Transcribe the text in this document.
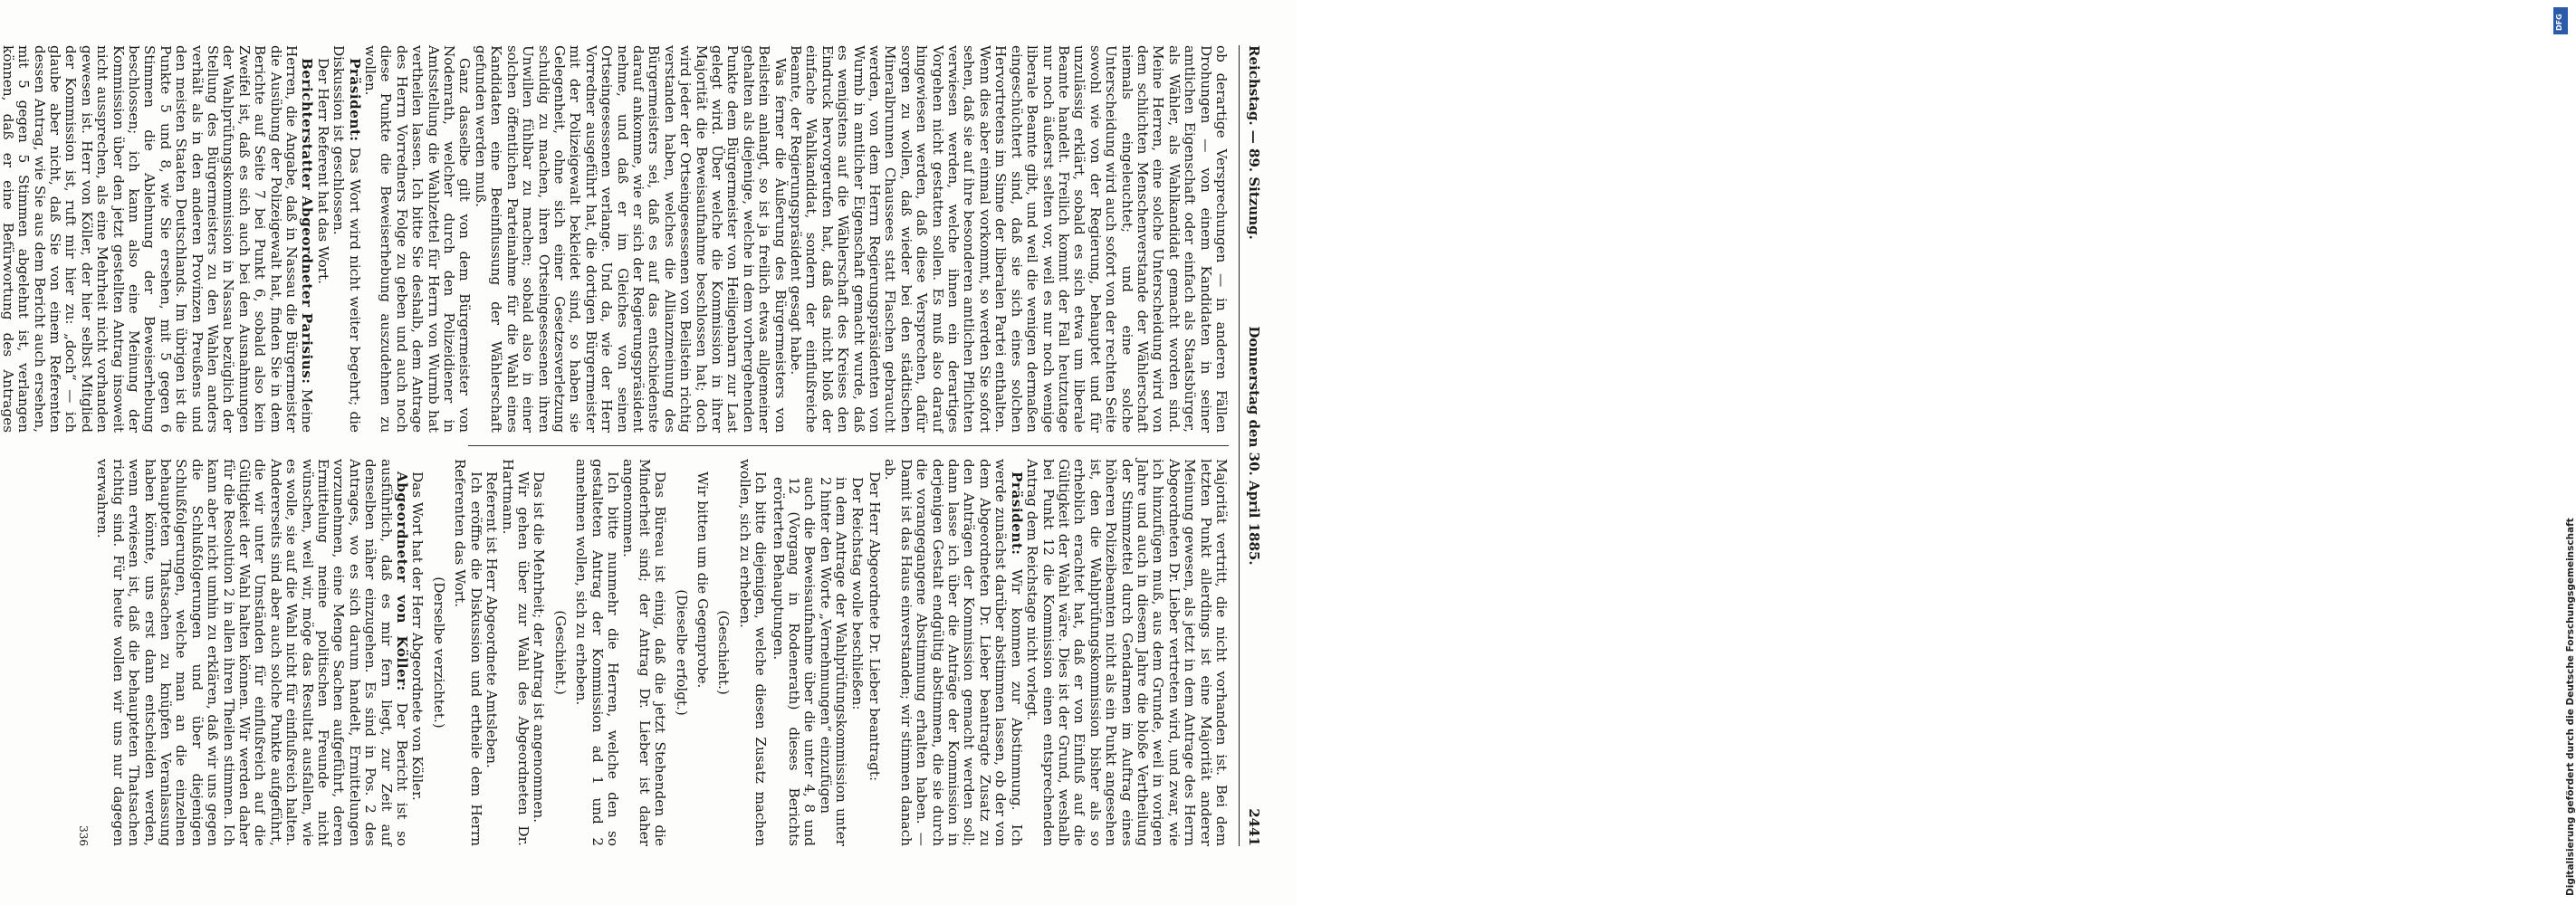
Reichstag. — 89. Sitzung.
Donnerstag den 30. April 1885.
2441

ob derartige Versprechungen — in anderen Fällen Drohungen — von einem Kandidaten in seiner amtlichen Eigenschaft oder einfach als Staatsbürger, als Wähler, als Wahlkandidat gemacht worden sind. Meine Herren, eine solche Unterscheidung wird von dem schlichten Menschenverstande der Wählerschaft niemals eingeleuchtet; und eine solche Unterscheidung wird auch sofort von der rechten Seite sowohl wie von der Regierung, behauptet und für unzulässig erklärt, sobald es sich etwa um liberale Beamte handelt. Freilich kommt der Fall heutzutage nur noch äußerst selten vor, weil es nur noch wenige liberale Beamte gibt, und weil die wenigen dermaßen eingeschüchtert sind, daß sie sich eines solchen Hervortretens im Sinne der liberalen Partei enthalten. Wenn dies aber einmal vorkommt, so werden Sie sofort sehen, daß sie auf ihre besonderen amtlichen Pflichten verwiesen werden, welche ihnen ein derartiges Vorgehen nicht gestatten sollen. Es muß also darauf hingewiesen werden, daß diese Versprechen, dafür sorgen zu wollen, daß wieder bei den städtischen Mineralbrunnen Chaussees statt Flaschen gebraucht werden, von dem Herrn Regierungspräsidenten von Wurmb in amtlicher Eigenschaft gemacht wurde, daß es wenigstens auf die Wählerschaft des Kreises den Eindruck hervorgerufen hat, daß das nicht bloß der einfache Wahlkandidat, sondern der einflußreiche Beamte, der Regierungspräsident gesagt habe.

Was ferner die Äußerung des Bürgermeisters von Beilstein anlangt, so ist ja freilich etwas allgemeiner gehalten als diejenige, welche in dem vorhergehenden Punkte dem Bürgermeister von Heiligenbarn zur Last gelegt wird. Über welche die Kommission in ihrer Majorität die Beweisaufnahme beschlossen hat; doch wird jeder der Ortseingesessenen von Beilstein richtig verstanden haben, welches die Allianzmeinung des Bürgermeisters sei, daß es auf das entschiedenste darauf ankomme, wie er sich der Regierungspräsident nehme, und daß er im Gleiches von seinen Ortseingesessenen verlange. Und da, wie der Herr Vorredner ausgeführt hat, die dortigen Bürgermeister mit der Polizeigewalt bekleidet sind, so haben sie Gelegenheit, ohne sich einer Gesetzesverletzung schuldig zu machen, ihren Ortseingesessenen ihren Unwillen fühlbar zu machen; sobald also in einer solchen öffentlichen Parteinahme für die Wahl eines Kandidaten eine Beeinflussung der Wählerschaft gefunden werden muß.

Ganz dasselbe gilt von dem Bürgermeister von Nodenrath, welcher durch den Polizeidiener in Amtsstellung die Wahlzettel für Herrn von Wurmb hat vertheilen lassen. Ich bitte Sie deshalb, dem Antrage des Herrn Vorredners Folge zu geben und auch noch diese Punkte die Beweiserhebung auszudehnen zu wollen.

Präsident: Das Wort wird nicht weiter begehrt; die Diskussion ist geschlossen.

Der Herr Referent hat das Wort.

Berichterstatter Abgeordneter Parisius: Meine Herren, die Angabe, daß in Nassau die Bürgermeister die Ausübung der Polizeigewalt hat, finden Sie in dem Berichte auf Seite 7 bei Punkt 6, sobald also kein Zweifel ist, daß es sich auch bei den Ausnahmungen der Wahlprüfungskommission in Nassau bezüglich der Stellung des Bürgermeisters zu den Wahlen anders verhält als in den anderen Provinzen Preußens und den meisten Staaten Deutschlands. Im übrigen ist die Punkte 5 und 8, wie Sie ersehen, mit 5 gegen 6 Stimmen die Ablehnung der Beweiserhebung beschlossen; ich kann also eine Meinung der Kommission über den jetzt gestellten Antrag insoweit nicht aussprechen, als eine Mehrheit nicht vorhanden gewesen ist. Herr von Köller, der hier selbst Mitglied der Kommission ist, ruft mir hier zu: „doch“ — ich glaube aber nicht, daß Sie von einem Referenten dessen Antrag, wie Sie aus dem Bericht auch ersehen, mit 5 gegen 5 Stimmen abgelehnt ist, verlangen können, daß er eine Befürwortung des Antrages

Majorität vertritt, die nicht vorhanden ist. Bei dem letzten Punkt allerdings ist eine Majorität anderer Meinung gewesen, als jetzt in dem Antrage des Herrn Abgeordneten Dr. Lieber vertreten wird, und zwar, wie ich hinzufügen muß, aus dem Grunde, weil in vorigen Jahre und auch in diesem Jahre die bloße Vertheilung der Stimmzettel durch Gendarmen im Auftrag eines höheren Polizeibeamten nicht als ein Punkt angesehen ist, den die Wahlprüfungskommission bisher als so erheblich erachtet hat, daß er von Einfluß auf die Gültigkeit der Wahl wäre. Dies ist der Grund, weshalb bei Punkt 12 die Kommission einen entsprechenden Antrag dem Reichstage nicht vorlegt.

Präsident: Wir kommen zur Abstimmung. Ich werde zunächst darüber abstimmen lassen, ob der von dem Abgeordneten Dr. Lieber beantragte Zusatz zu den Anträgen der Kommission gemacht werden soll; dann lasse ich über die Anträge der Kommission in derjenigen Gestalt endgültig abstimmen, die sie durch die vorangegangene Abstimmung erhalten haben. — Damit ist das Haus einverstanden; wir stimmen danach ab.

Der Herr Abgeordnete Dr. Lieber beantragt:

Der Reichstag wolle beschließen:

in dem Antrage der Wahlprüfungskommission unter 2 hinter den Worte „Vernehmungen“ einzufügen

auch die Beweisaufnahme über die unter 4, 8 und 12 (Vorgang in Rodenerath) dieses Berichts erörterten Behauptungen.

Ich bitte diejenigen, welche diesen Zusatz machen wollen, sich zu erheben.

(Geschieht.)

Wir bitten um die Gegenprobe.

(Dieselbe erfolgt.)

Das Büreau ist einig, daß die jetzt Stehenden die Minderheit sind; der Antrag Dr. Lieber ist daher angenommen.

Ich bitte nunmehr die Herren, welche den so gestalteten Antrag der Kommission ad 1 und 2 annehmen wollen, sich zu erheben.

(Geschieht.)

Das ist die Mehrheit; der Antrag ist angenommen.

Wir gehen über zur Wahl des Abgeordneten Dr. Hartmann.

Referent ist Herr Abgeordnete Amtsleben.

Ich eröffne die Diskussion und ertheile dem Herrn Referenten das Wort.

(Derselbe verzichtet.)

Das Wort hat der Herr Abgeordnete von Köller.

Abgeordneter von Köller: Der Bericht ist so ausführlich, daß es mir fern liegt, zur Zeit auf denselben näher einzugehen. Es sind in Pos. 2 des Antrages, wo es sich darum handelt, Ermittelungen vorzunehmen, eine Menge Sachen aufgeführt, deren Ermittelung meine politischen Freunde nicht wünschen, weil wir, möge das Resultat ausfallen, wie es wolle, sie auf die Wahl nicht für einflußreich halten. Andererseits sind aber auch solche Punkte aufgeführt, die wir unter Umständen für einflußreich auf die Gültigkeit der Wahl halten können. Wir werden daher für die Resolution 2 in allen ihren Theilen stimmen. Ich kann aber nicht umhin zu erklären, daß wir uns gegen die Schlußfolgerungen und über diejenigen Schlußfolgerungen, welche man an die einzelnen behaupteten Thatsachen zu knüpfen Veranlassung haben könnte, uns erst dann entscheiden werden, wenn erwiesen ist, daß die behaupteten Thatsachen richtig sind. Für heute wollen wir uns nur dagegen verwahren.

336
DFG
Digitalisierung gefördert durch die Deutsche Forschungsgemeinschaft
